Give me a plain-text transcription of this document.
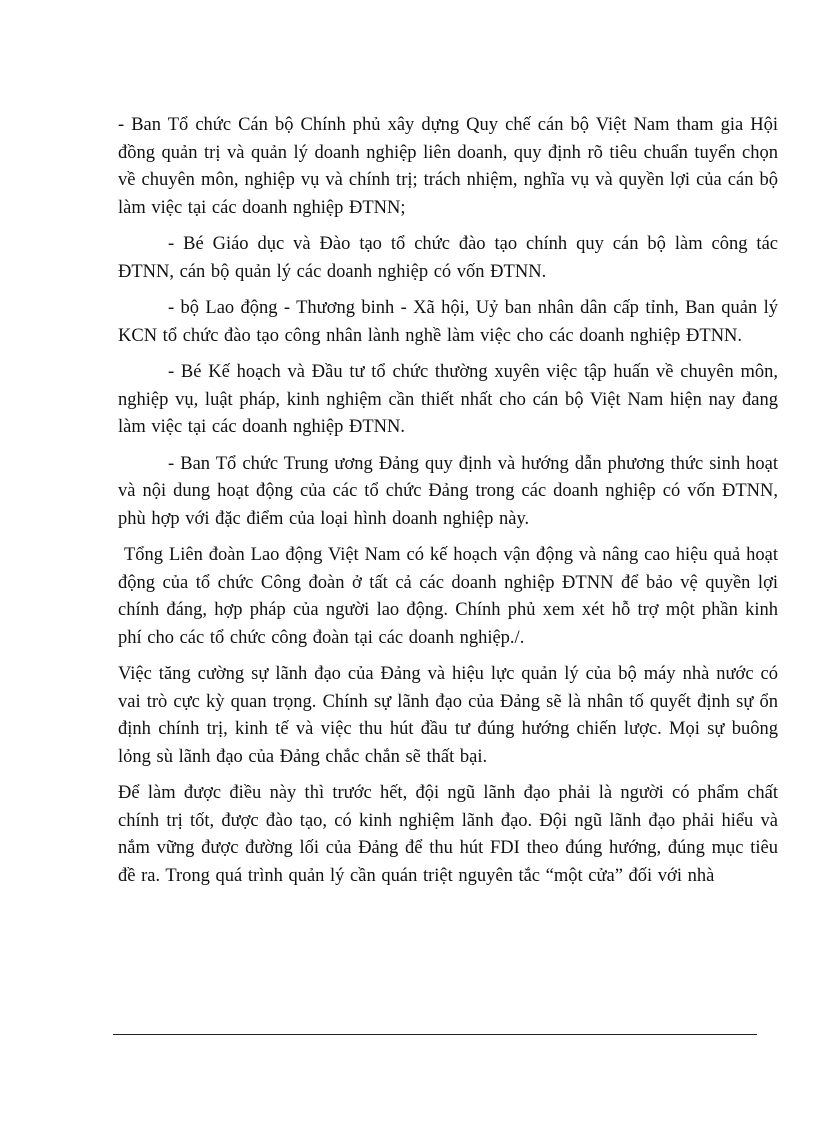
- Ban Tổ chức Cán bộ Chính phủ xây dựng Quy chế cán bộ Việt Nam tham gia Hội đồng quản trị và quản lý doanh nghiệp liên doanh, quy định rõ tiêu chuẩn tuyển chọn về chuyên môn, nghiệp vụ và chính trị; trách nhiệm, nghĩa vụ và quyền lợi của cán bộ làm việc tại các doanh nghiệp ĐTNN;

- Bé Giáo dục và Đào tạo tổ chức đào tạo chính quy cán bộ làm công tác ĐTNN, cán bộ quản lý các doanh nghiệp có vốn ĐTNN.

- bộ Lao động - Thương binh - Xã hội, Uỷ ban nhân dân cấp tỉnh, Ban quản lý KCN tổ chức đào tạo công nhân lành nghề làm việc cho các doanh nghiệp ĐTNN.

- Bé Kế hoạch và Đầu tư tổ chức thường xuyên việc tập huấn về chuyên môn, nghiệp vụ, luật pháp, kinh nghiệm cần thiết nhất cho cán bộ Việt Nam hiện nay đang làm việc tại các doanh nghiệp ĐTNN.

- Ban Tổ chức Trung ương Đảng quy định và hướng dẫn phương thức sinh hoạt và nội dung hoạt động của các tổ chức Đảng trong các doanh nghiệp có vốn ĐTNN, phù hợp với đặc điểm của loại hình doanh nghiệp này.

Tổng Liên đoàn Lao động Việt Nam có kế hoạch vận động và nâng cao hiệu quả hoạt động của tổ chức Công đoàn ở tất cả các doanh nghiệp ĐTNN để bảo vệ quyền lợi chính đáng, hợp pháp của người lao động. Chính phủ xem xét hỗ trợ một phần kinh phí cho các tổ chức công đoàn tại các doanh nghiệp./.

Việc tăng cường sự lãnh đạo của Đảng và hiệu lực quản lý của bộ máy nhà nước có vai trò cực kỳ quan trọng. Chính sự lãnh đạo của Đảng sẽ là nhân tố quyết định sự ổn định chính trị, kinh tế và việc thu hút đầu tư đúng hướng chiến lược. Mọi sự buông lỏng sù lãnh đạo của Đảng chắc chắn sẽ thất bại.

Để làm được điều này thì trước hết, đội ngũ lãnh đạo phải là người có phẩm chất chính trị tốt, được đào tạo, có kinh nghiệm lãnh đạo. Đội ngũ lãnh đạo phải hiểu và nắm vững được đường lối của Đảng để thu hút FDI theo đúng hướng, đúng mục tiêu đề ra. Trong quá trình quản lý cần quán triệt nguyên tắc “một cửa” đối với nhà
